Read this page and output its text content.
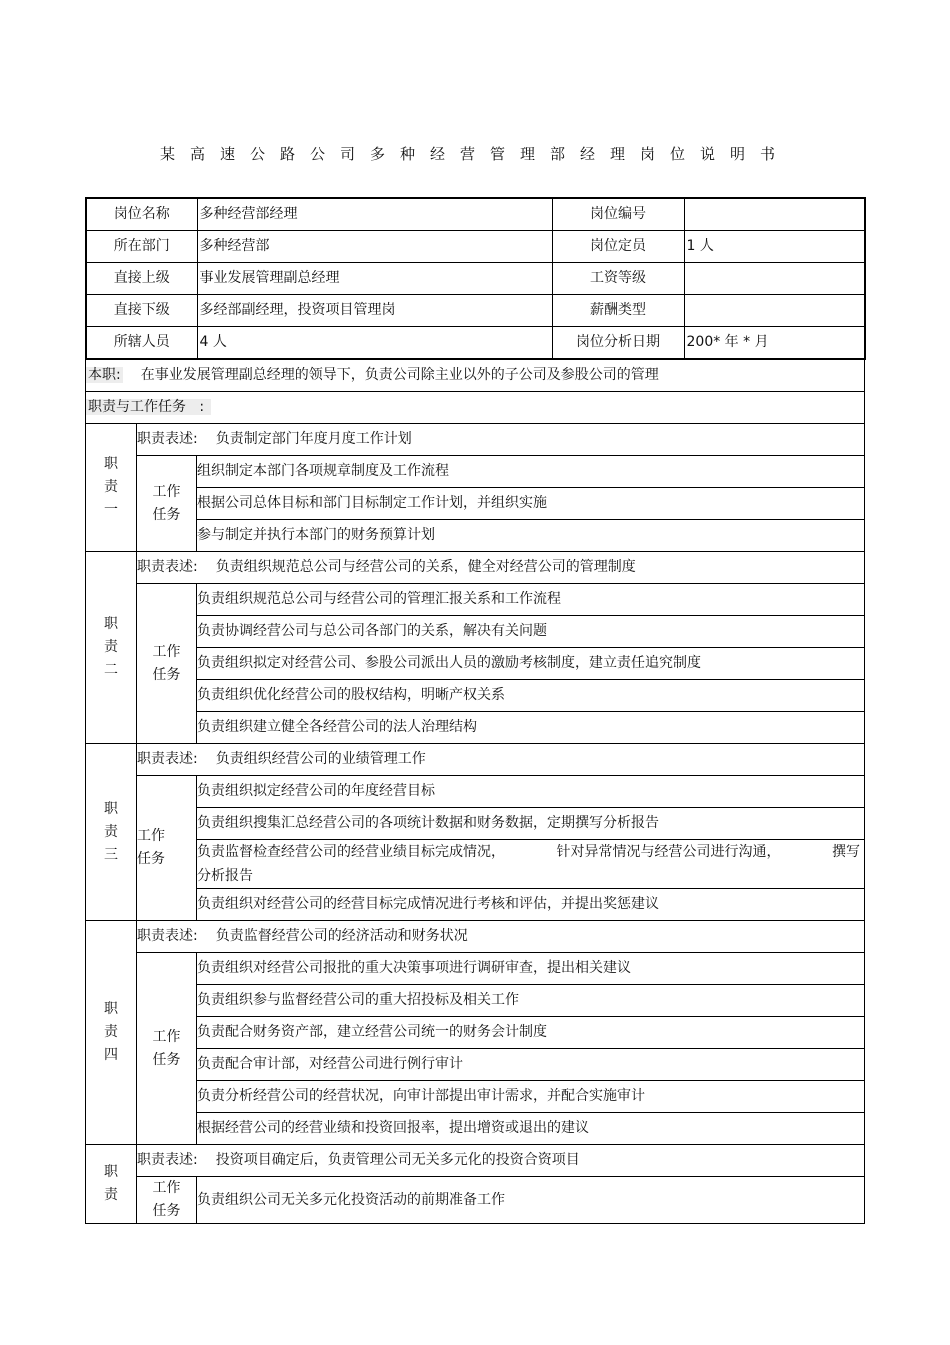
某高速公路公司多种经营管理部经理岗位说明书
岗位名称	多种经营部经理	岗位编号	
所在部门	多种经营部	岗位定员	1 人
直接上级	事业发展管理副总经理	工资等级	
直接下级	多经部副经理，投资项目管理岗	薪酬类型	
所辖人员	4 人	岗位分析日期	200* 年 * 月
本职: 在事业发展管理副总经理的领导下，负责公司除主业以外的子公司及参股公司的管理		
职责与工作任务 :		

职
责
一	职责表述: 负责制定部门年度月度工作计划	

	工作
任务	组织制定本部门各项规章制度及工作流程
		根据公司总体目标和部门目标制定工作计划，并组织实施
		参与制定并执行本部门的财务预算计划

职
责
二	职责表述: 负责组织规范总公司与经营公司的关系，健全对经营公司的管理制度	

	工作
任务	负责组织规范总公司与经营公司的管理汇报关系和工作流程
		负责协调经营公司与总公司各部门的关系，解决有关问题
		负责组织拟定对经营公司、参股公司派出人员的激励考核制度，建立责任追究制度
		负责组织优化经营公司的股权结构，明晰产权关系
		负责组织建立健全各经营公司的法人治理结构

职
责
三	职责表述: 负责组织经营公司的业绩管理工作	

	工作
任务	负责组织拟定经营公司的年度经营目标
		负责组织搜集汇总经营公司的各项统计数据和财务数据，定期撰写分析报告

		负责监督检查经营公司的经营业绩目标完成情况， 针对异常情况与经营公司进行沟通， 撰写
分析报告

		负责组织对经营公司的经营目标完成情况进行考核和评估，并提出奖惩建议

职
责
四	职责表述: 负责监督经营公司的经济活动和财务状况	

	工作
任务	负责组织对经营公司报批的重大决策事项进行调研审查，提出相关建议
		负责组织参与监督经营公司的重大招投标及相关工作
		负责配合财务资产部，建立经营公司统一的财务会计制度
		负责配合审计部，对经营公司进行例行审计
		负责分析经营公司的经营状况，向审计部提出审计需求，并配合实施审计
		根据经营公司的经营业绩和投资回报率，提出增资或退出的建议

职
责	职责表述: 投资项目确定后，负责管理公司无关多元化的投资合资项目	

	工作
任务	负责组织公司无关多元化投资活动的前期准备工作
